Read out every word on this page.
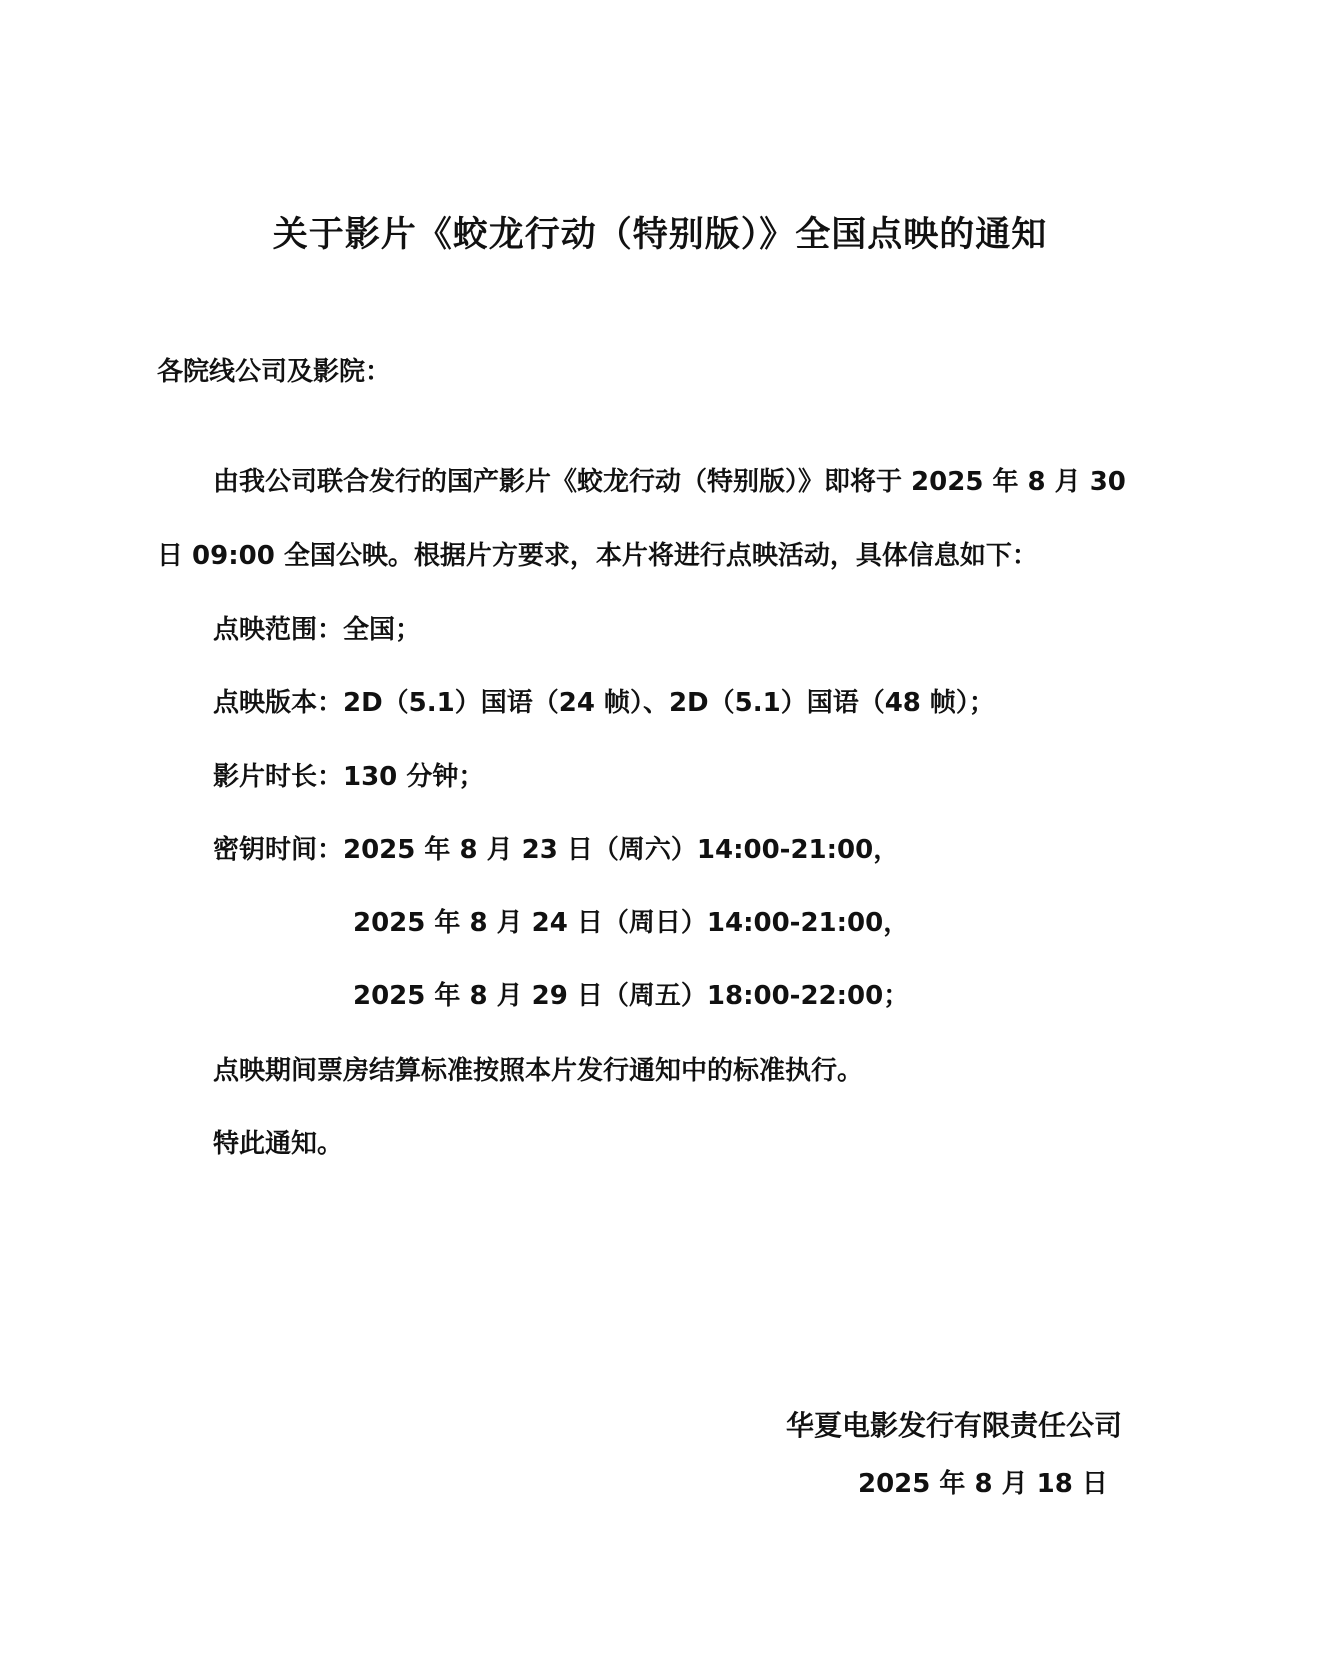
关于影片《蛟龙行动（特别版）》全国点映的通知
各院线公司及影院：
由我公司联合发行的国产影片《蛟龙行动（特别版）》即将于 2025 年 8 月 30
日 09:00 全国公映。根据片方要求，本片将进行点映活动，具体信息如下：
点映范围：全国；
点映版本：2D（5.1）国语（24 帧）、2D（5.1）国语（48 帧）；
影片时长：130 分钟；
密钥时间：2025 年 8 月 23 日（周六）14:00-21:00，
2025 年 8 月 24 日（周日）14:00-21:00，
2025 年 8 月 29 日（周五）18:00-22:00；
点映期间票房结算标准按照本片发行通知中的标准执行。
特此通知。
华夏电影发行有限责任公司
2025 年 8 月 18 日
